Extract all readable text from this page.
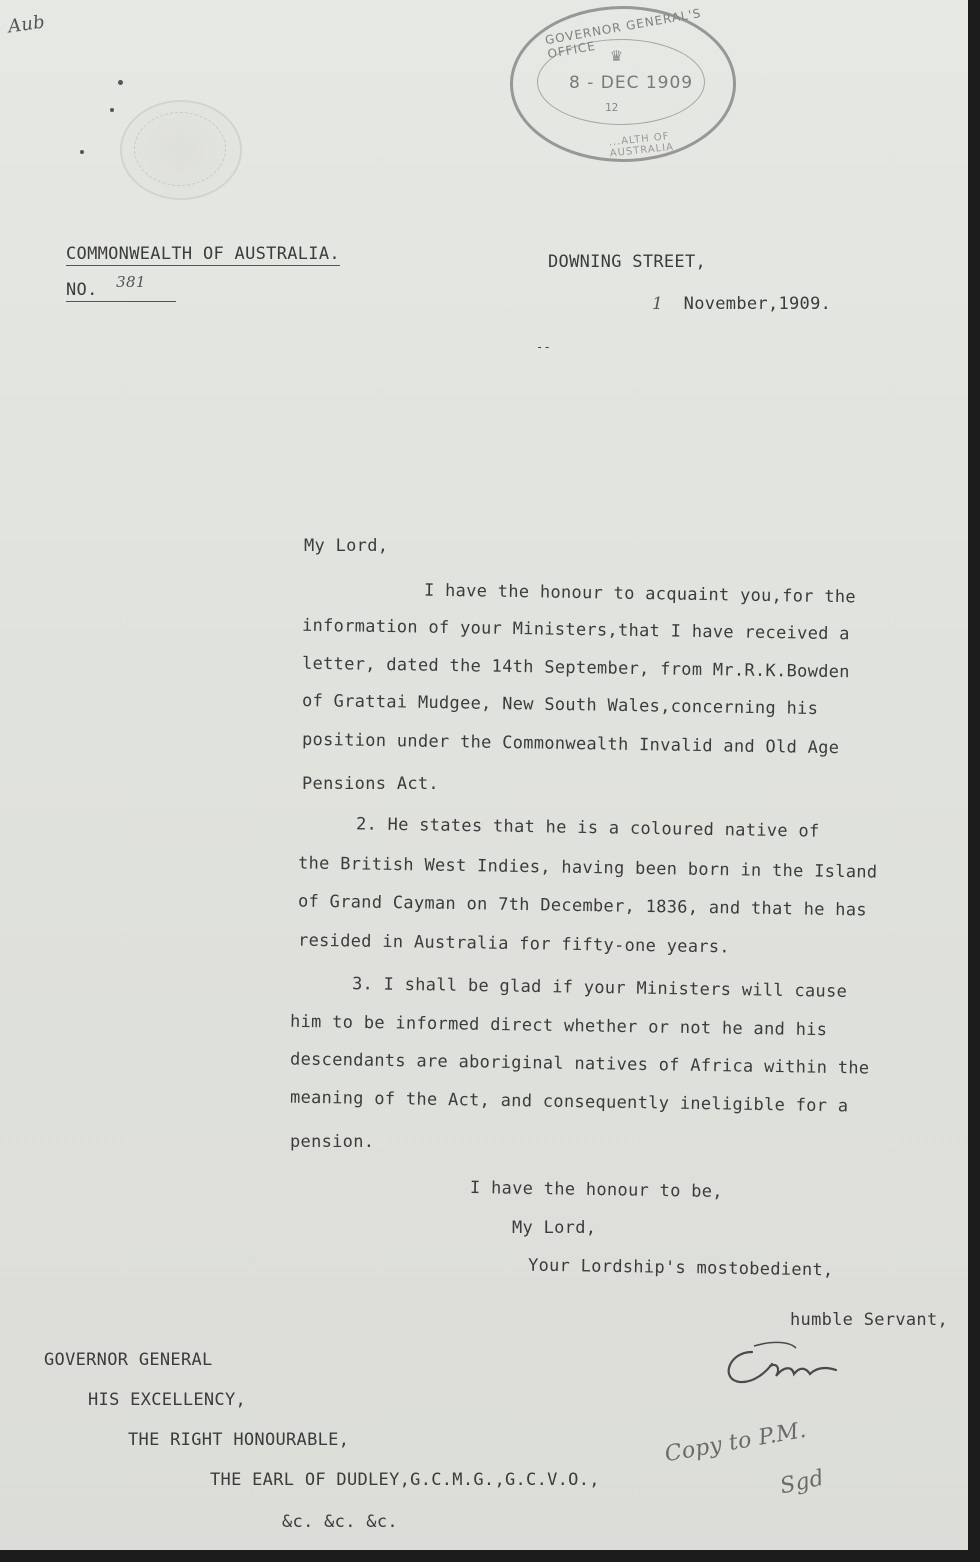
Aub	GOVERNOR GENERAL'S OFFICE ♛
8 - DEC 1909
12
...ALTH OF AUSTRALIA
COMMONWEALTH OF AUSTRALIA.
NO. 381
DOWNING STREET,
1 November,1909.
--
My Lord,
I have the honour to acquaint you,for the
information of your Ministers,that I have received a
letter, dated the 14th September, from Mr.R.K.Bowden
of Grattai Mudgee, New South Wales,concerning his
position under the Commonwealth Invalid and Old Age
Pensions Act.
2. He states that he is a coloured native of
the British West Indies, having been born in the Island
of Grand Cayman on 7th December, 1836, and that he has
resided in Australia for fifty-one years.
3. I shall be glad if your Ministers will cause
him to be informed direct whether or not he and his
descendants are aboriginal natives of Africa within the
meaning of the Act, and consequently ineligible for a
pension.
I have the honour to be,
My Lord,
Your Lordship's mostobedient,
humble Servant,
GOVERNOR GENERAL
HIS EXCELLENCY,
THE RIGHT HONOURABLE,
THE EARL OF DUDLEY,G.C.M.G.,G.C.V.O.,
&c. &c. &c.
Copy to P.M.
Sgd
